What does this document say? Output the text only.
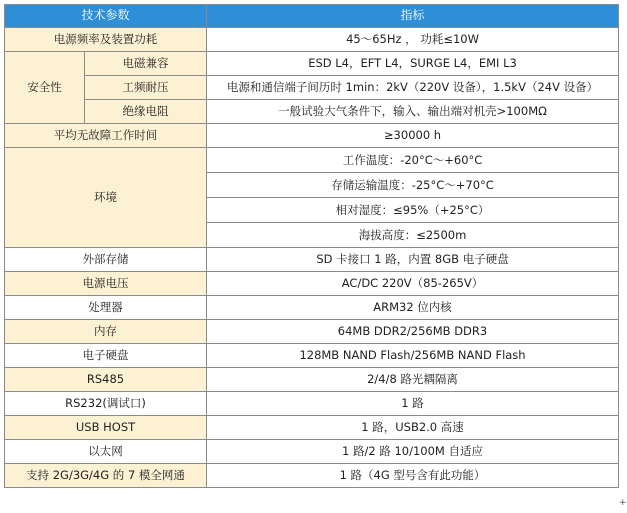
技术参数		指标
电源频率及装置功耗		45～65Hz ， 功耗≤10W
安全性	电磁兼容	ESD L4，EFT L4，SURGE L4，EMI L3
	工频耐压	电源和通信端子间历时 1min：2kV（220V 设备），1.5kV（24V 设备）
	绝缘电阻	一般试验大气条件下，输入、输出端对机壳>100MΩ
平均无故障工作时间		≥30000 h
环境		工作温度：-20°C～+60°C
		存储运输温度：-25°C～+70°C
		相对湿度：≤95%（+25°C）
		海拔高度：≤2500m
外部存储		SD 卡接口 1 路，内置 8GB 电子硬盘
电源电压		AC/DC 220V（85-265V）
处理器		ARM32 位内核
内存		64MB DDR2/256MB DDR3
电子硬盘		128MB NAND Flash/256MB NAND Flash
RS485		2/4/8 路光耦隔离
RS232(调试口)		1 路
USB HOST		1 路，USB2.0 高速
以太网		1 路/2 路 10/100M 自适应
支持 2G/3G/4G 的 7 模全网通		1 路（4G 型号含有此功能）
+
